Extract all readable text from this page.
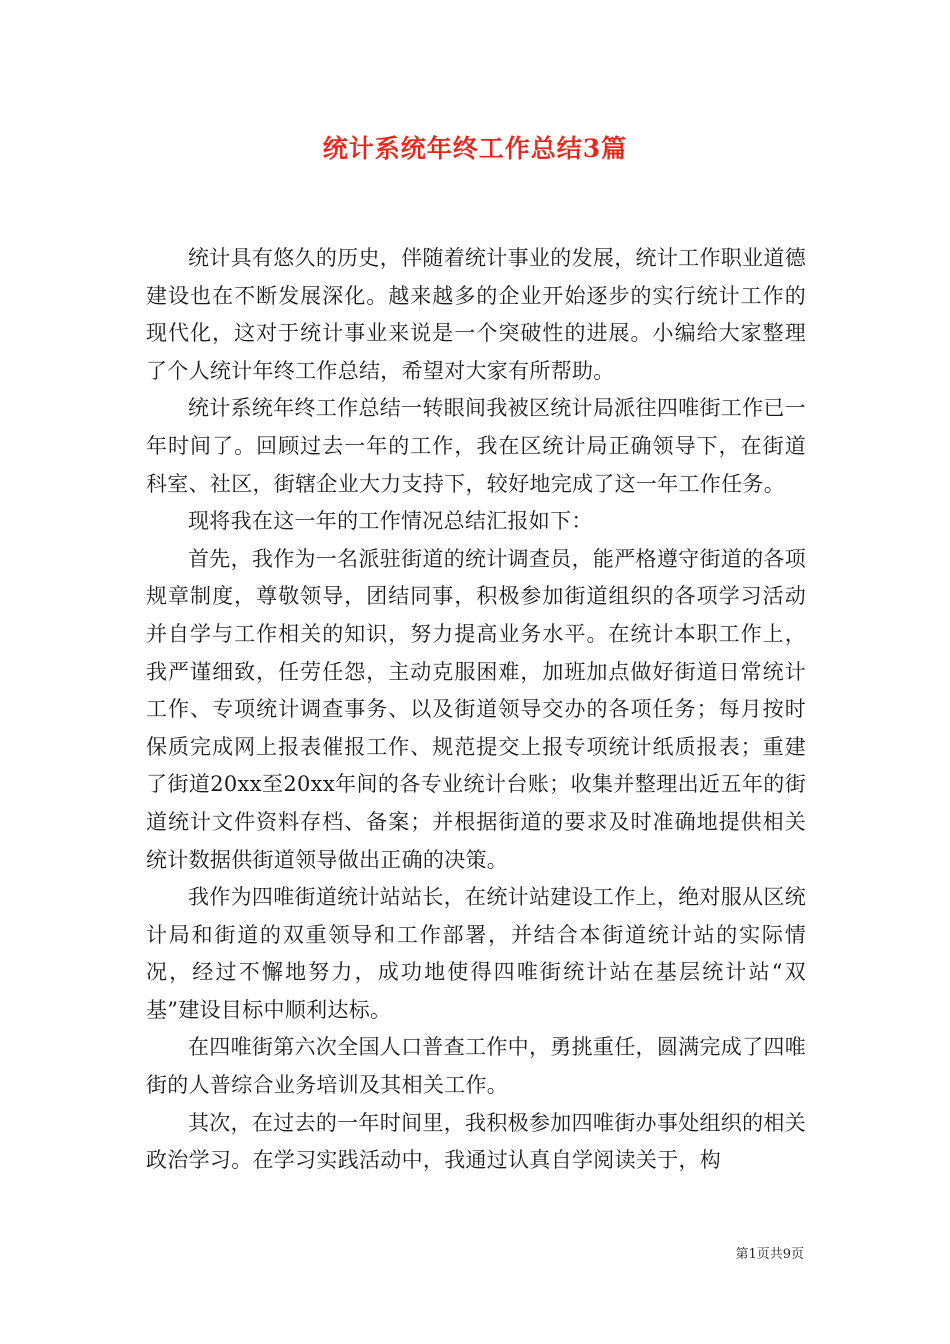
统计系统年终工作总结3篇

统计具有悠久的历史，伴随着统计事业的发展，统计工作职业道德建设也在不断发展深化。越来越多的企业开始逐步的实行统计工作的现代化，这对于统计事业来说是一个突破性的进展。小编给大家整理了个人统计年终工作总结，希望对大家有所帮助。

统计系统年终工作总结一转眼间我被区统计局派往四唯街工作已一年时间了。回顾过去一年的工作，我在区统计局正确领导下，在街道科室、社区，街辖企业大力支持下，较好地完成了这一年工作任务。

现将我在这一年的工作情况总结汇报如下：

首先，我作为一名派驻街道的统计调查员，能严格遵守街道的各项规章制度，尊敬领导，团结同事，积极参加街道组织的各项学习活动并自学与工作相关的知识，努力提高业务水平。在统计本职工作上，我严谨细致，任劳任怨，主动克服困难，加班加点做好街道日常统计工作、专项统计调查事务、以及街道领导交办的各项任务；每月按时保质完成网上报表催报工作、规范提交上报专项统计纸质报表；重建了街道20xx至20xx年间的各专业统计台账；收集并整理出近五年的街道统计文件资料存档、备案；并根据街道的要求及时准确地提供相关统计数据供街道领导做出正确的决策。

我作为四唯街道统计站站长，在统计站建设工作上，绝对服从区统计局和街道的双重领导和工作部署，并结合本街道统计站的实际情况，经过不懈地努力，成功地使得四唯街统计站在基层统计站“双基”建设目标中顺利达标。

在四唯街第六次全国人口普查工作中，勇挑重任，圆满完成了四唯街的人普综合业务培训及其相关工作。

其次，在过去的一年时间里，我积极参加四唯街办事处组织的相关政治学习。在学习实践活动中，我通过认真自学阅读关于，构

第1页共9页
